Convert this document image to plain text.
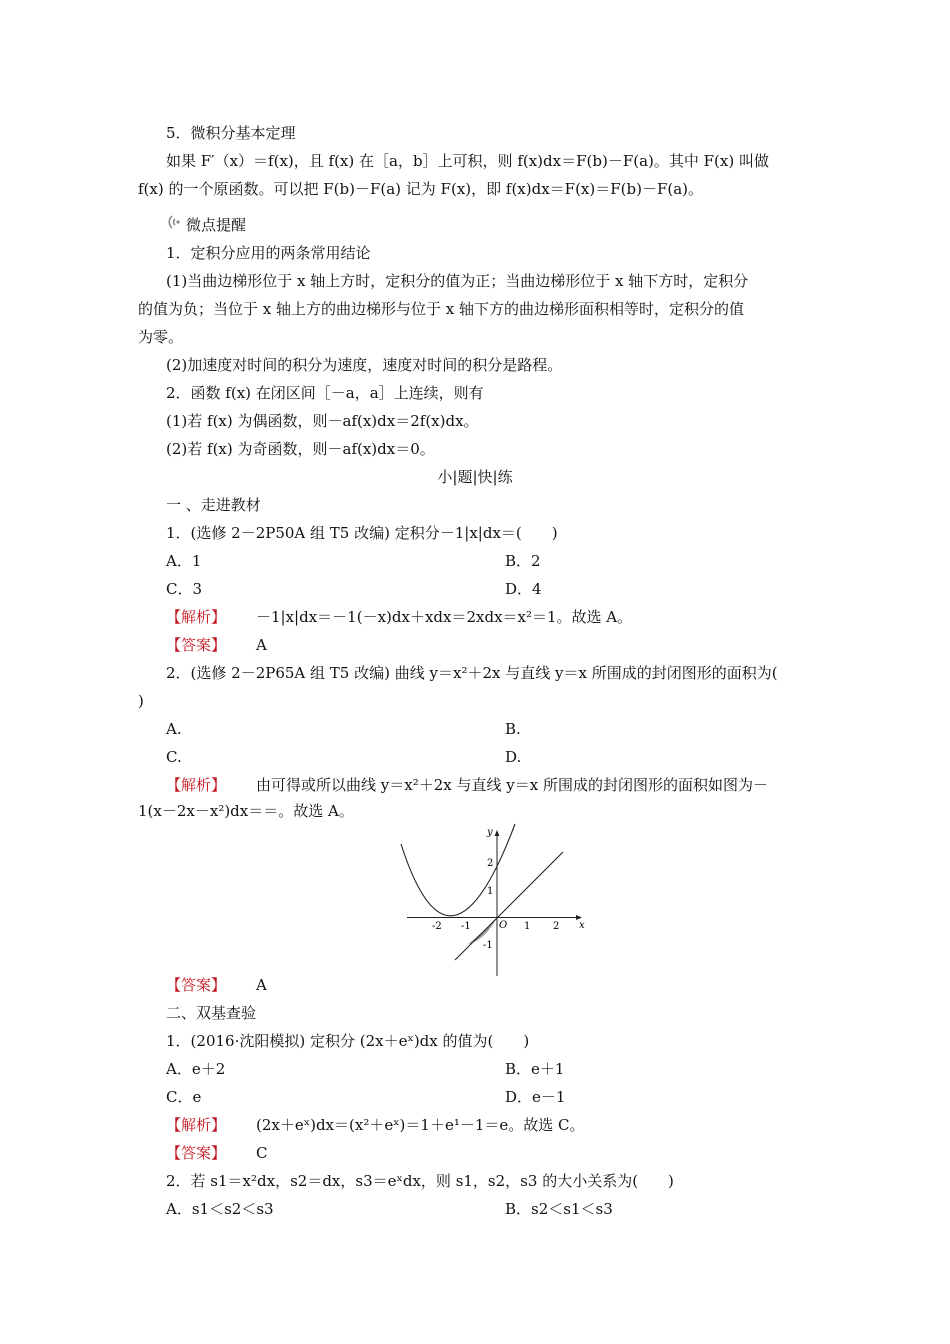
5．微积分基本定理
如果 F′（x）＝f(x)，且 f(x) 在［a，b］上可积，则 f(x)dx＝F(b)－F(a)。其中 F(x) 叫做
f(x) 的一个原函数。可以把 F(b)－F(a) 记为 F(x)，即 f(x)dx＝F(x)＝F(b)－F(a)。
微点提醒
1．定积分应用的两条常用结论
(1)当曲边梯形位于 x 轴上方时，定积分的值为正；当曲边梯形位于 x 轴下方时，定积分
的值为负；当位于 x 轴上方的曲边梯形与位于 x 轴下方的曲边梯形面积相等时，定积分的值
为零。
(2)加速度对时间的积分为速度，速度对时间的积分是路程。
2．函数 f(x) 在闭区间［－a，a］上连续，则有
(1)若 f(x) 为偶函数，则－af(x)dx＝2f(x)dx。
(2)若 f(x) 为奇函数，则－af(x)dx＝0。
小|题|快|练
一 、走进教材
1．(选修 2－2P50A 组 T5 改编) 定积分－1|x|dx＝(　　)
A．1	B．2
C．3	D．4
【解析】 －1|x|dx＝－1(－x)dx＋xdx＝2xdx＝x²＝1。故选 A。
【答案】 A
2．(选修 2－2P65A 组 T5 改编) 曲线 y＝x²＋2x 与直线 y＝x 所围成的封闭图形的面积为(
)
A.	B.
C.	D.
【解析】 由可得或所以曲线 y＝x²＋2x 与直线 y＝x 所围成的封闭图形的面积如图为－
1(x－2x－x²)dx＝＝。故选 A。
x
y
O
-2 -1	1 2
2
1
-1
【答案】 A
二、双基查验
1．(2016·沈阳模拟) 定积分 (2x＋eˣ)dx 的值为(　　)
A．e＋2	B．e＋1
C．e	D．e－1
【解析】 (2x＋eˣ)dx＝(x²＋eˣ)＝1＋e¹－1＝e。故选 C。
【答案】 C
2．若 s1＝x²dx，s2＝dx，s3＝eˣdx，则 s1，s2，s3 的大小关系为(　　)
A．s1＜s2＜s3	B．s2＜s1＜s3
